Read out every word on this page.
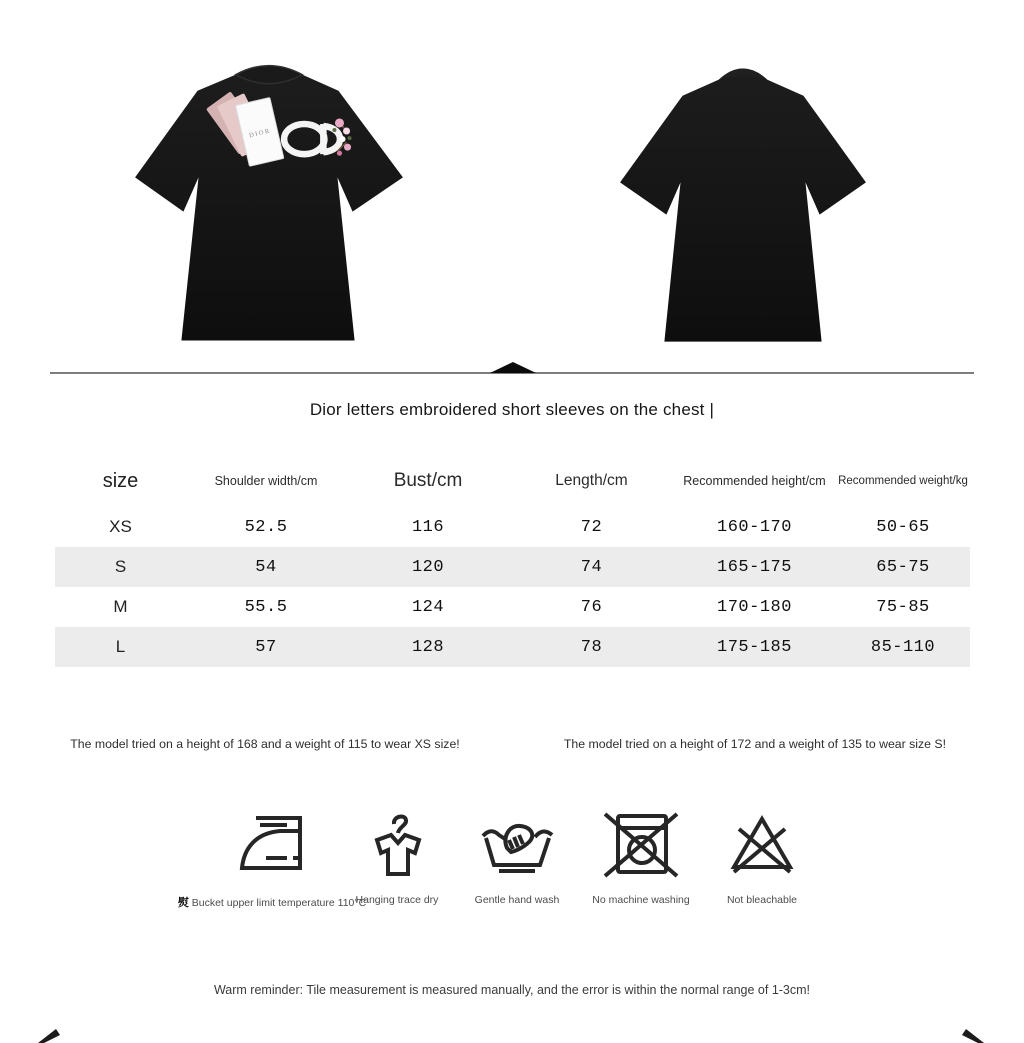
DIOR
Dior letters embroidered short sleeves on the chest |
size	Shoulder width/cm	Bust/cm	Length/cm	Recommended height/cm	Recommended weight/kg
XS	52.5	116	72	160-170	50-65
S	54	120	74	165-175	65-75
M	55.5	124	76	170-180	75-85
L	57	128	78	175-185	85-110
The model tried on a height of 168 and a weight of 115 to wear XS size!	The model tried on a height of 172 and a weight of 135 to wear size S!
熨 Bucket upper limit temperature 110°C
Hanging trace dry	Gentle hand wash	No machine washing	Not bleachable
Warm reminder: Tile measurement is measured manually, and the error is within the normal range of 1-3cm!
